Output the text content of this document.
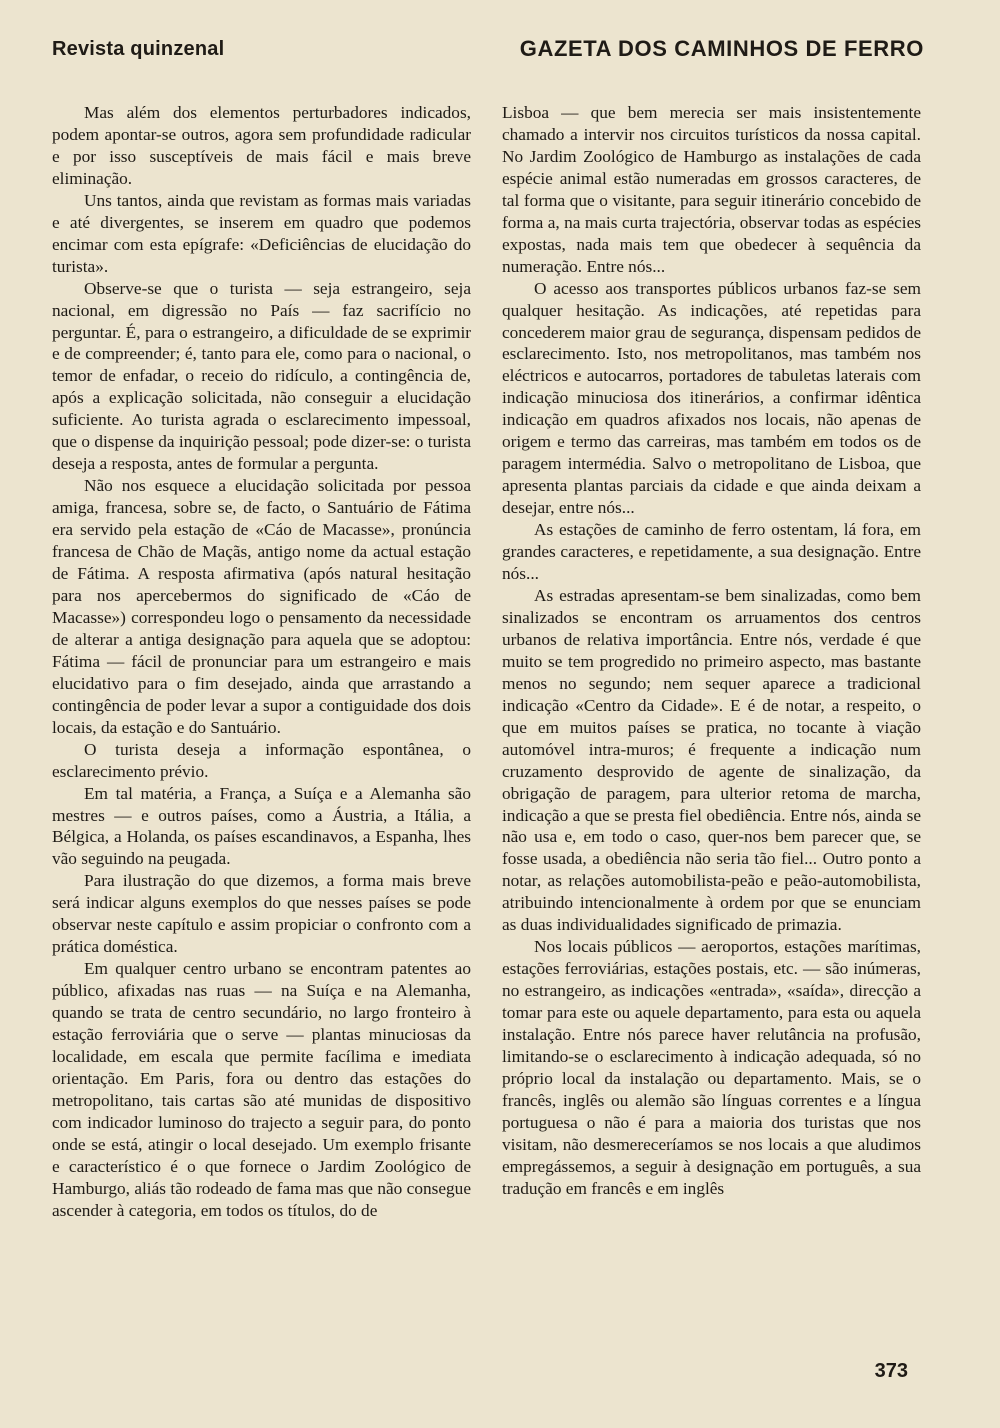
Revista quinzenal	GAZETA DOS CAMINHOS DE FERRO

Mas além dos elementos perturbadores indicados, podem apontar-se outros, agora sem profundidade radicular e por isso susceptíveis de mais fácil e mais breve eliminação.

Uns tantos, ainda que revistam as formas mais variadas e até divergentes, se inserem em quadro que podemos encimar com esta epígrafe: «Deficiências de elucidação do turista».

Observe-se que o turista — seja estrangeiro, seja nacional, em digressão no País — faz sacrifício no perguntar. É, para o estrangeiro, a dificuldade de se exprimir e de compreender; é, tanto para ele, como para o nacional, o temor de enfadar, o receio do ridículo, a contingência de, após a explicação solicitada, não conseguir a elucidação suficiente. Ao turista agrada o esclarecimento impessoal, que o dispense da inquirição pessoal; pode dizer-se: o turista deseja a resposta, antes de formular a pergunta.

Não nos esquece a elucidação solicitada por pessoa amiga, francesa, sobre se, de facto, o Santuário de Fátima era servido pela estação de «Cáo de Macasse», pronúncia francesa de Chão de Maçãs, antigo nome da actual estação de Fátima. A resposta afirmativa (após natural hesitação para nos apercebermos do significado de «Cáo de Macasse») correspondeu logo o pensamento da necessidade de alterar a antiga designação para aquela que se adoptou: Fátima — fácil de pronunciar para um estrangeiro e mais elucidativo para o fim desejado, ainda que arrastando a contingência de poder levar a supor a contiguidade dos dois locais, da estação e do Santuário.

O turista deseja a informação espontânea, o esclarecimento prévio.

Em tal matéria, a França, a Suíça e a Alemanha são mestres — e outros países, como a Áustria, a Itália, a Bélgica, a Holanda, os países escandinavos, a Espanha, lhes vão seguindo na peugada.

Para ilustração do que dizemos, a forma mais breve será indicar alguns exemplos do que nesses países se pode observar neste capítulo e assim propiciar o confronto com a prática doméstica.

Em qualquer centro urbano se encontram patentes ao público, afixadas nas ruas — na Suíça e na Alemanha, quando se trata de centro secundário, no largo fronteiro à estação ferroviária que o serve — plantas minuciosas da localidade, em escala que permite facílima e imediata orientação. Em Paris, fora ou dentro das estações do metropolitano, tais cartas são até munidas de dispositivo com indicador luminoso do trajecto a seguir para, do ponto onde se está, atingir o local desejado. Um exemplo frisante e característico é o que fornece o Jardim Zoológico de Hamburgo, aliás tão rodeado de fama mas que não consegue ascender à categoria, em todos os títulos, do de

Lisboa — que bem merecia ser mais insistentemente chamado a intervir nos circuitos turísticos da nossa capital. No Jardim Zoológico de Hamburgo as instalações de cada espécie animal estão numeradas em grossos caracteres, de tal forma que o visitante, para seguir itinerário concebido de forma a, na mais curta trajectória, observar todas as espécies expostas, nada mais tem que obedecer à sequência da numeração. Entre nós...

O acesso aos transportes públicos urbanos faz-se sem qualquer hesitação. As indicações, até repetidas para concederem maior grau de segurança, dispensam pedidos de esclarecimento. Isto, nos metropolitanos, mas também nos eléctricos e autocarros, portadores de tabuletas laterais com indicação minuciosa dos itinerários, a confirmar idêntica indicação em quadros afixados nos locais, não apenas de origem e termo das carreiras, mas também em todos os de paragem intermédia. Salvo o metropolitano de Lisboa, que apresenta plantas parciais da cidade e que ainda deixam a desejar, entre nós...

As estações de caminho de ferro ostentam, lá fora, em grandes caracteres, e repetidamente, a sua designação. Entre nós...

As estradas apresentam-se bem sinalizadas, como bem sinalizados se encontram os arruamentos dos centros urbanos de relativa importância. Entre nós, verdade é que muito se tem progredido no primeiro aspecto, mas bastante menos no segundo; nem sequer aparece a tradicional indicação «Centro da Cidade». E é de notar, a respeito, o que em muitos países se pratica, no tocante à viação automóvel intra-muros; é frequente a indicação num cruzamento desprovido de agente de sinalização, da obrigação de paragem, para ulterior retoma de marcha, indicação a que se presta fiel obediência. Entre nós, ainda se não usa e, em todo o caso, quer-nos bem parecer que, se fosse usada, a obediência não seria tão fiel... Outro ponto a notar, as relações automobilista-peão e peão-automobilista, atribuindo intencionalmente à ordem por que se enunciam as duas individualidades significado de primazia.

Nos locais públicos — aeroportos, estações marítimas, estações ferroviárias, estações postais, etc. — são inúmeras, no estrangeiro, as indicações «entrada», «saída», direcção a tomar para este ou aquele departamento, para esta ou aquela instalação. Entre nós parece haver relutância na profusão, limitando-se o esclarecimento à indicação adequada, só no próprio local da instalação ou departamento. Mais, se o francês, inglês ou alemão são línguas correntes e a língua portuguesa o não é para a maioria dos turistas que nos visitam, não desmereceríamos se nos locais a que aludimos empregássemos, a seguir à designação em português, a sua tradução em francês e em inglês

373
